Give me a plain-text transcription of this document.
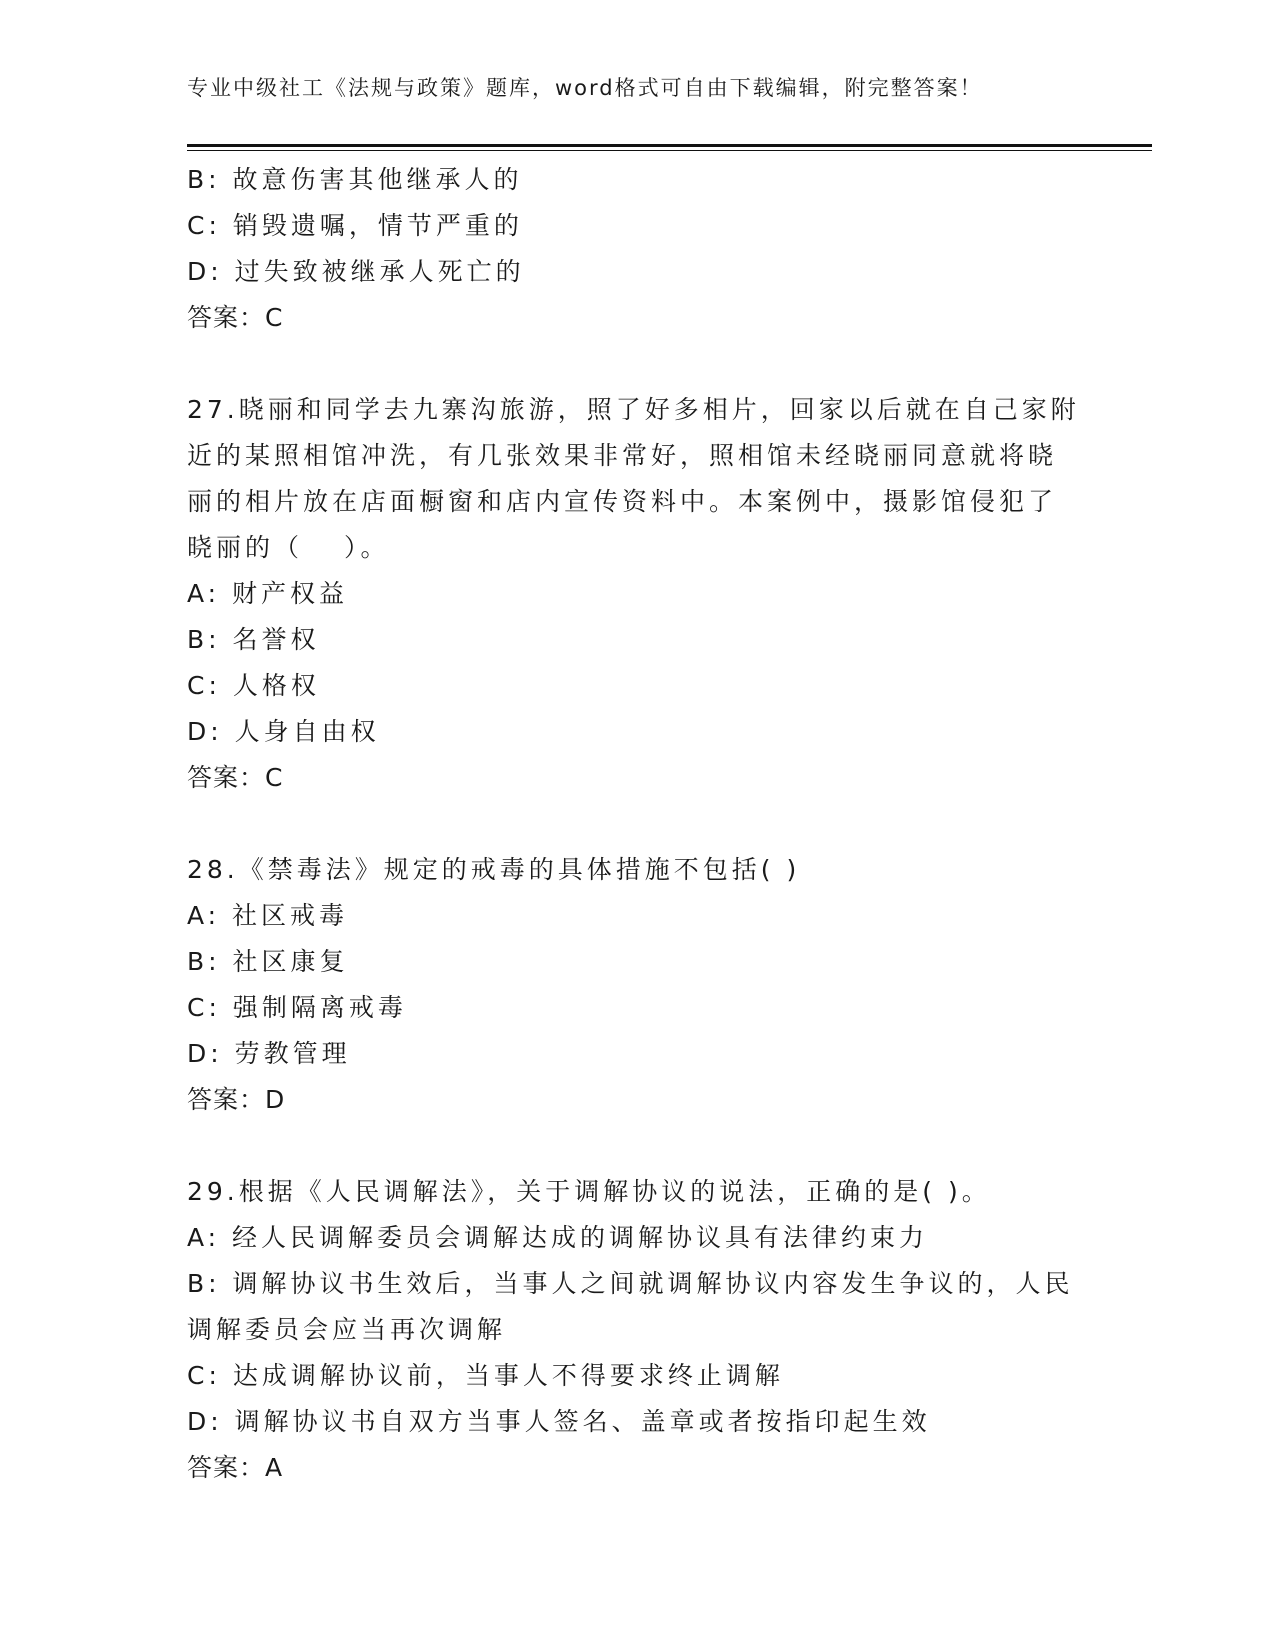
专业中级社工《法规与政策》题库，word格式可自由下载编辑，附完整答案！
B: 故意伤害其他继承人的
C: 销毁遗嘱，情节严重的
D: 过失致被继承人死亡的
答案：C
27.晓丽和同学去九寨沟旅游，照了好多相片，回家以后就在自己家附
近的某照相馆冲洗，有几张效果非常好，照相馆未经晓丽同意就将晓
丽的相片放在店面橱窗和店内宣传资料中。本案例中，摄影馆侵犯了
晓丽的（　 ）。
A: 财产权益
B: 名誉权
C: 人格权
D: 人身自由权
答案：C
28.《禁毒法》规定的戒毒的具体措施不包括( )
A: 社区戒毒
B: 社区康复
C: 强制隔离戒毒
D: 劳教管理
答案：D
29.根据《人民调解法》，关于调解协议的说法，正确的是( )。
A: 经人民调解委员会调解达成的调解协议具有法律约束力
B: 调解协议书生效后，当事人之间就调解协议内容发生争议的，人民
调解委员会应当再次调解
C: 达成调解协议前，当事人不得要求终止调解
D: 调解协议书自双方当事人签名、盖章或者按指印起生效
答案：A
